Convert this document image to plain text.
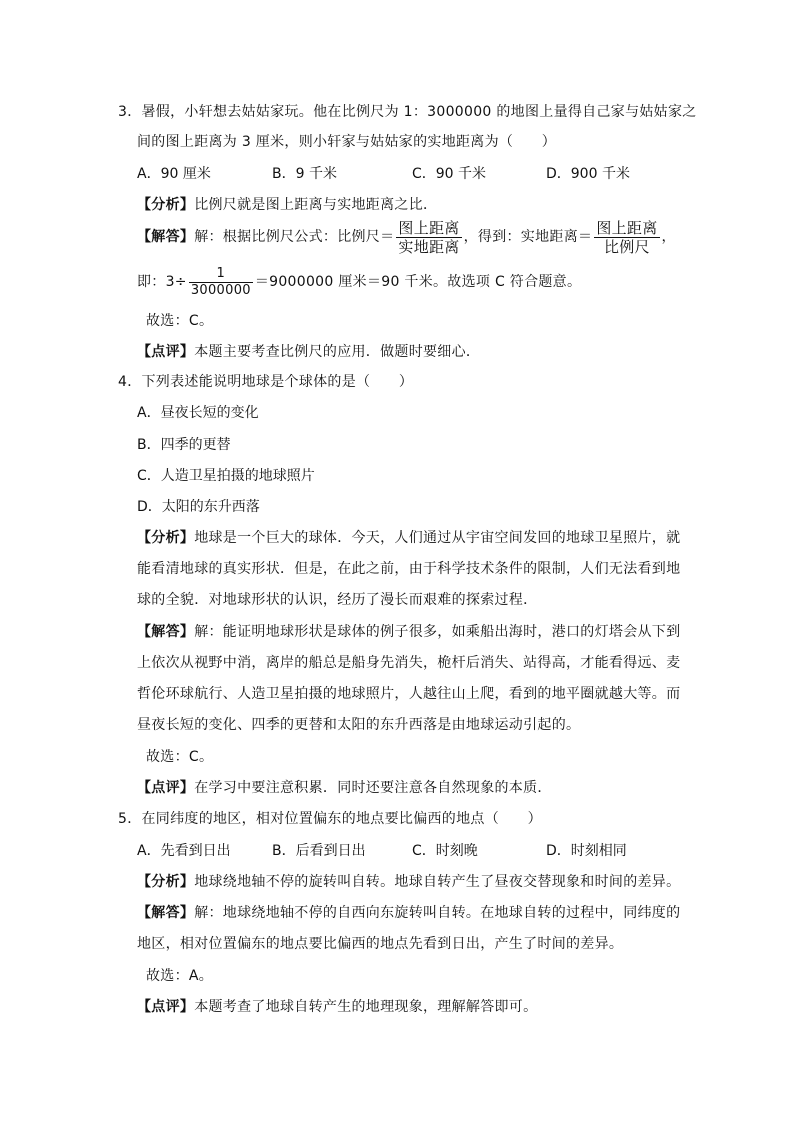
3．暑假，小轩想去姑姑家玩。他在比例尺为 1：3000000 的地图上量得自己家与姑姑家之
间的图上距离为 3 厘米，则小轩家与姑姑家的实地距离为（　　）
A．90 厘米	B．9 千米	C．90 千米	D．900 千米
【分析】比例尺就是图上距离与实地距离之比．
【解答】解：根据比例尺公式：比例尺＝ $\frac{\text{图上距离}}{\text{实地距离}}$ ，得到：实地距离＝ $\frac{\text{图上距离}}{\text{比例尺}}$ ，
即：$3\div \frac{1}{3000000} =9000000$ 厘米＝90 千米。故选项 C 符合题意。
故选：C。
【点评】本题主要考查比例尺的应用．做题时要细心．
4．下列表述能说明地球是个球体的是（　　）
A．昼夜长短的变化
B．四季的更替
C．人造卫星拍摄的地球照片
D．太阳的东升西落
【分析】地球是一个巨大的球体．今天，人们通过从宇宙空间发回的地球卫星照片，就
能看清地球的真实形状．但是，在此之前，由于科学技术条件的限制，人们无法看到地
球的全貌．对地球形状的认识，经历了漫长而艰难的探索过程．
【解答】解：能证明地球形状是球体的例子很多，如乘船出海时，港口的灯塔会从下到
上依次从视野中消，离岸的船总是船身先消失，桅杆后消失、站得高，才能看得远、麦
哲伦环球航行、人造卫星拍摄的地球照片，人越往山上爬，看到的地平圈就越大等。而
昼夜长短的变化、四季的更替和太阳的东升西落是由地球运动引起的。
故选：C。
【点评】在学习中要注意积累．同时还要注意各自然现象的本质．
5．在同纬度的地区，相对位置偏东的地点要比偏西的地点（　　）
A．先看到日出	B．后看到日出	C．时刻晚	D．时刻相同
【分析】地球绕地轴不停的旋转叫自转。地球自转产生了昼夜交替现象和时间的差异。
【解答】解：地球绕地轴不停的自西向东旋转叫自转。在地球自转的过程中，同纬度的
地区，相对位置偏东的地点要比偏西的地点先看到日出，产生了时间的差异。
故选：A。
【点评】本题考查了地球自转产生的地理现象，理解解答即可。
